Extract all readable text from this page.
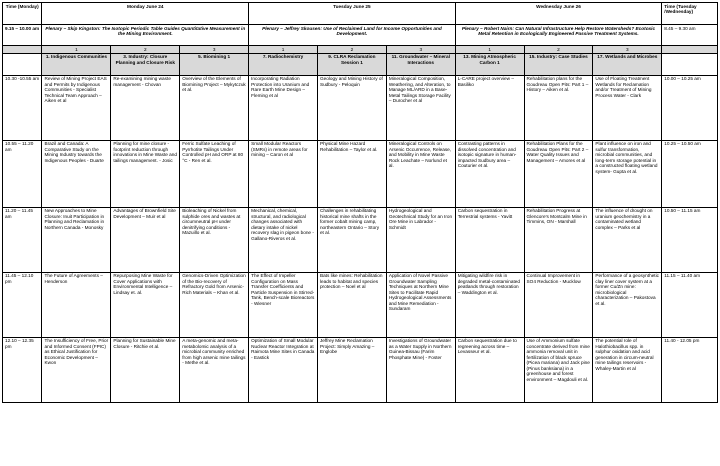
Time (Monday)	Monday June 24			Tuesday June 25			Wednesday June 26			Time (Tuesday /Wednesday)
9.15 – 10.00 am	Plenary – Skip Kingston: The Isotopic Periodic Table Guides Quantitative Measurement in the Mining Environment.			Plenary – Jeffrey Skousen: Use of Reclaimed Land for Income Opportunities and Development.			Plenary – Robert Nairn: Can Natural Infrastructure Help Restore Watersheds? Ecotoxic Metal Retention in Ecologically Engineered Passive Treatment Systems.			8.45 – 9.30 am
	1	2	3	1	2	3	1	2	3	
	1. Indigenous Communities	3. Industry: Closure Planning and Closure Risk	5. Biomining 1	7. Radiochemistry	9. CLRA Reclamation Session 1	11. Groundwater – Mineral Interactions	13. Mining Atmospheric Carbon 1	15. Industry: Case Studies	17. Wetlands and Microbes	
10.30 -10.55 am	Review of Mining Project EAS and Permits by Indigenous Communities - Specialist Technical Team Approach – Aiken et al	Re-examining mining waste management - Chovan	Overview of the Elements of Biomining Project – Mykytczuk et al.	Incorporating Radiation Protection into Uranium and Rare Earth Mine Design – Fleming et al	Geology and Mining History of Sudbury - Peloquin	Mineralogical Composition, Weathering, and Alteration, to Manage ML/ARD in a Base-Metal Tailings Storage Facility – Durocher et al	L-CARE project overview – Basiliko	Rehabilitation plans for the Goudreau Open Pits: Part 1 – History – Aiken et al.	Use of Floating Treatment Wetlands for Reclamation and/or Treatment of Mining Process Water - Clark	10.00 – 10.25 am
10.55 – 11.20 am	Brazil and Canada: A Comparative Study on the Mining Industry towards the Indigenous Peoples - Duarte	Planning for mine closure - footprint reduction through innovations in Mine Waste and tailings management. - Josic	Ferric Sulfate Leaching of Pyrrhotite Tailings Under Controlled pH and ORP at 80 °C - Ren et al.	Small Modular Reactors (SMRs) in remote areas for mining – Caron et al	Physical Mine Hazard Rehabilitation – Taylor et al.	Mineralogical Controls on Arsenic Occurrence, Release, and Mobility in Mine Waste Rock Leachate – Norlund et al.	Contrasting patterns in dissolved concentration and isotopic signature in human-impacted Sudbury area – Couturier et al.	Rehabilitation Plans for the Goudreau Open Pits: Part 2 – Water Quality Issues and Management – Amores et al	Plant influence on iron and sulfur transformation, microbial communities, and long-term storage potential in a constructed floating wetland system- Gupta et al.	10.25 – 10.50 am
11.20 – 11.45 am	New Approaches to Mine Closure: Inuit Participation in Planning and Reclamation in Northern Canada - Monosky	Advantages of Brownfield Site Development – Muir et al	Bioleaching of Nickel from sulphide ores and wastes at circumneutral pH under denitrifying conditions - Mazuillo et al.	Mechanical, chemical, structural, and radiological changes associated with dietary intake of nickel recovery slag in pigeon bone - Gallano-Riveros et al.	Challenges in rehabilitating historical mine shafts in the former cobalt mining camp, northeastern Ontario – Story et al.	Hydrogeological and Geotechnical Study for an Iron Ore Mine in Labrador - Schmidt	Carbon sequestration in Terrestrial systems - Yavitt	Rehabilitation Progress at Glencore's Montcalm Mine in Timmins, ON - Marshall	The influence of drought on uranium geochemistry in a contaminated wetland complex – Parks et al	10.50 – 11.15 am
11.45 – 12.10 pm	The Future of Agreements – Henderson	Repurposing Mine Waste for Cover Applications with Environmental Intelligence – Lindsay et. al.	Genomics-Driven Optimization of the Bio-recovery of Refractory Gold from Arsenic-Rich Materials – Khan et al.	The Effect of Impeller Configuration on Mass Transfer Coefficients and Particle Suspension in Stirred-Tank, Bench-scale Bioreactors - Wiesner	Bats like mines: Rehabilitation leads to habitat and species protection – Noel et al	Application of Novel Passive Groundwater Sampling Techniques at Northern Mine Sites to Facilitate Rapid Hydrogeological Assessments and Mine Remediation - Sundaram	Mitigating wildfire risk in degraded metal-contaminated peatlands through restoration – Waddington et al.	Continual Improvement in SO4 Reduction - Mucklow	Performance of a geosynthetic clay liner cover system at a former Cu/Zn mine: microbiological characterization – Pakostova et al.	11.15 – 11.40 am
12.10 – 12.35 pm	The Insufficiency of Free, Prior and Informed Consent (FPIC) as Ethical Justification for Economic Development – Kwon	Planning for Sustainable Mine Closure - Ritchie et al.	A meta-genomic and meta-metabolomic analysis of a microbial community enriched from high arsenic mine tailings - Methe et al.	Optimization of Small Modular Nuclear Reactor Integration at Raimota Mine Sites in Canada - Eastick	Jeffrey Mine Reclamation Project: Simply Amazing – Englobe	Investigations of Groundwater as a Water Supply in Northern Guinea-Bissau (Farim Phosphate Mine) - Foster	Carbon sequestration due to regreening across time – Levasseur et al.	Use of Ammonium sulfate concentrate derived from mine ammonia removal unit in fertilization of black spruce (Picea mariana) and Jack pine (Pinus banksiana) in a greenhouse and forest environment – Magdouli et al.	The potential role of Halothiobacillus spp. in sulphur oxidation and acid generation in circum-neutral mine tailings reservoirs - Whaley-Martin et al	11.40 - 12.05 pm
